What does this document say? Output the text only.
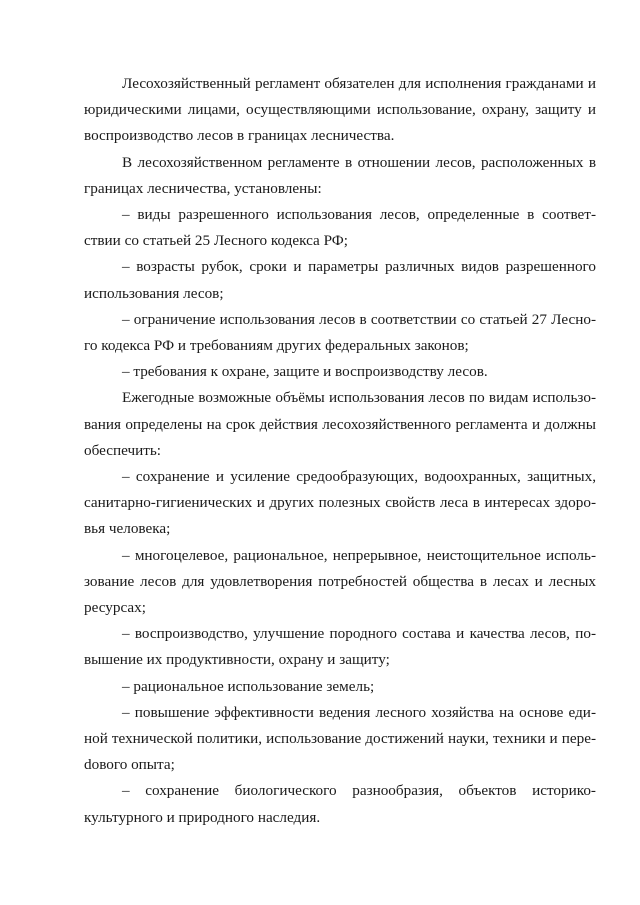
Лесохозяйственный регламент обязателен для исполнения гражданами и юридическими лицами, осуществляющими использование, охрану, защиту и воспроизводство лесов в границах лесничества.

В лесохозяйственном регламенте в отношении лесов, расположенных в границах лесничества, установлены:

– виды разрешенного использования лесов, определенные в соответствии со статьей 25 Лесного кодекса РФ;

– возрасты рубок, сроки и параметры различных видов разрешенного использования лесов;

– ограничение использования лесов в соответствии со статьей 27 Лесного кодекса РФ и требованиям других федеральных законов;

– требования к охране, защите и воспроизводству лесов.

Ежегодные возможные объёмы использования лесов по видам использования определены на срок действия лесохозяйственного регламента и должны обеспечить:

– сохранение и усиление средообразующих, водоохранных, защитных, санитарно-гигиенических и других полезных свойств леса в интересах здоровья человека;

– многоцелевое, рациональное, непрерывное, неистощительное использование лесов для удовлетворения потребностей общества в лесах и лесных ресурсах;

– воспроизводство, улучшение породного состава и качества лесов, повышение их продуктивности, охрану и защиту;

– рациональное использование земель;

– повышение эффективности ведения лесного хозяйства на основе единой технической политики, использование достижений науки, техники и переdового опыта;

– сохранение биологического разнообразия, объектов историко-культурного и природного наследия.
